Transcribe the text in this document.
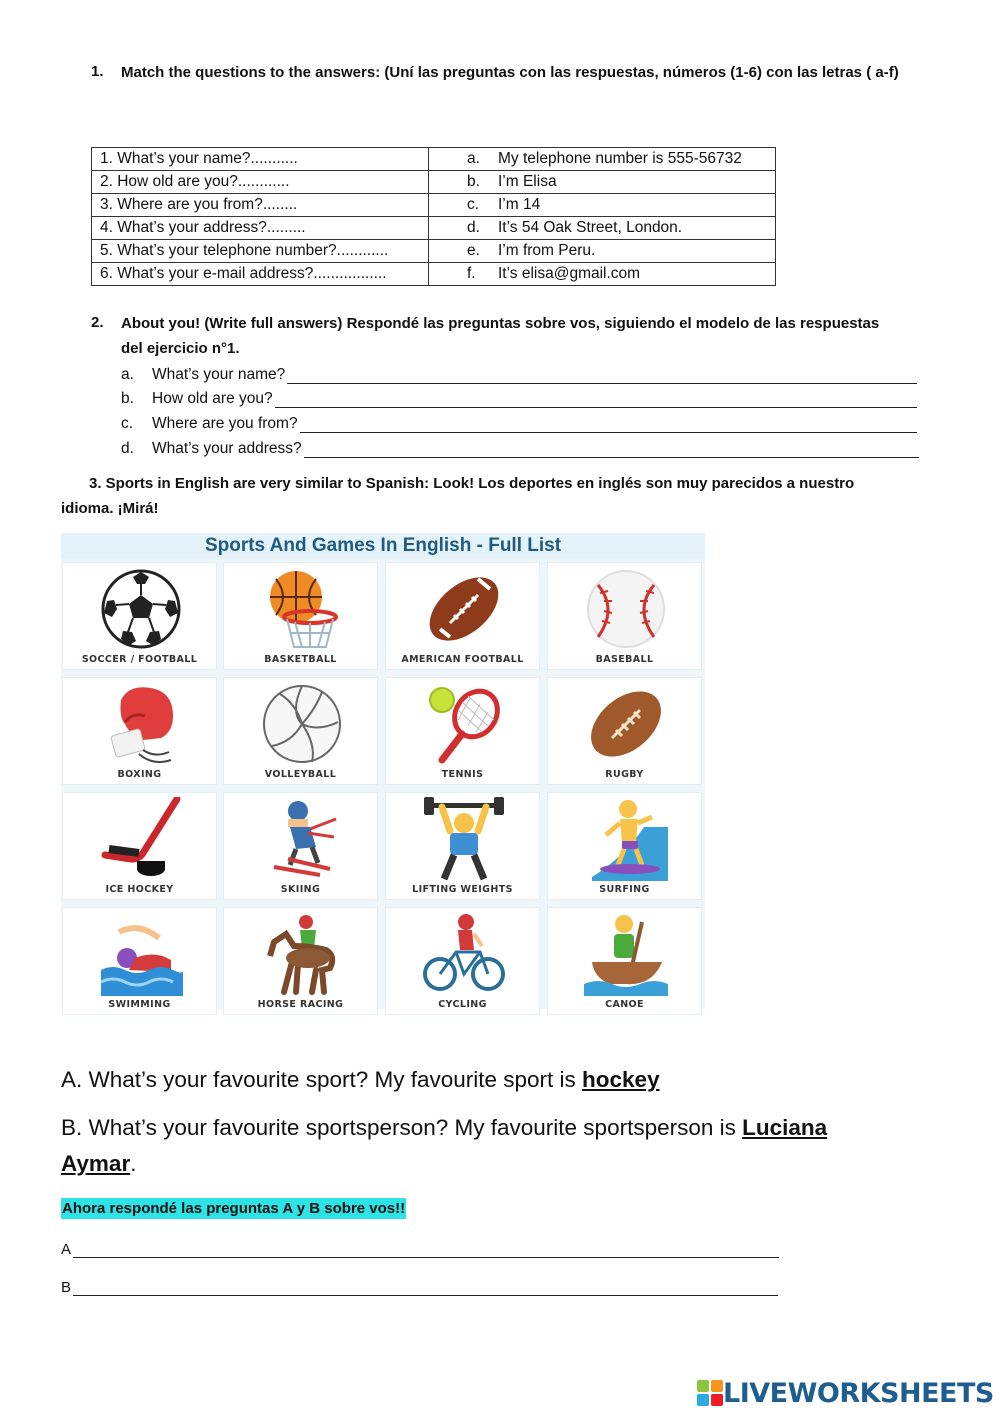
1. Match the questions to the answers: (Uní las preguntas con las respuestas, números (1-6) con las letras ( a-f)
1. What’s your name?...........	a. My telephone number is 555-56732
2. How old are you?............	b. I’m Elisa
3. Where are you from?........	c. I’m 14
4. What’s your address?.........	d. It’s 54 Oak Street, London.
5. What’s your telephone number?............	e. I’m from Peru.
6. What’s your e-mail address?.................	f. It’s elisa@gmail.com
2. About you! (Write full answers) Respondé las preguntas sobre vos, siguiendo el modelo de las respuestas
del ejercicio n°1.
a.	What’s your name?
b.	How old are you?
c.	Where are you from?
d.	What’s your address?
3. Sports in English are very similar to Spanish: Look! Los deportes en inglés son muy parecidos a nuestro
idioma. ¡Mirá!
Sports And Games In English - Full List
SOCCER / FOOTBALL	BASKETBALL	AMERICAN FOOTBALL	BASEBALL
BOXING	VOLLEYBALL	TENNIS	RUGBY
ICE HOCKEY	SKIING	LIFTING WEIGHTS	SURFING
SWIMMING	HORSE RACING	CYCLING	CANOE
A. What’s your favourite sport? My favourite sport is hockey
B. What’s your favourite sportsperson? My favourite sportsperson is Luciana
Aymar.
Ahora respondé las preguntas A y B sobre vos!!
A
B
LIVEWORKSHEETS
